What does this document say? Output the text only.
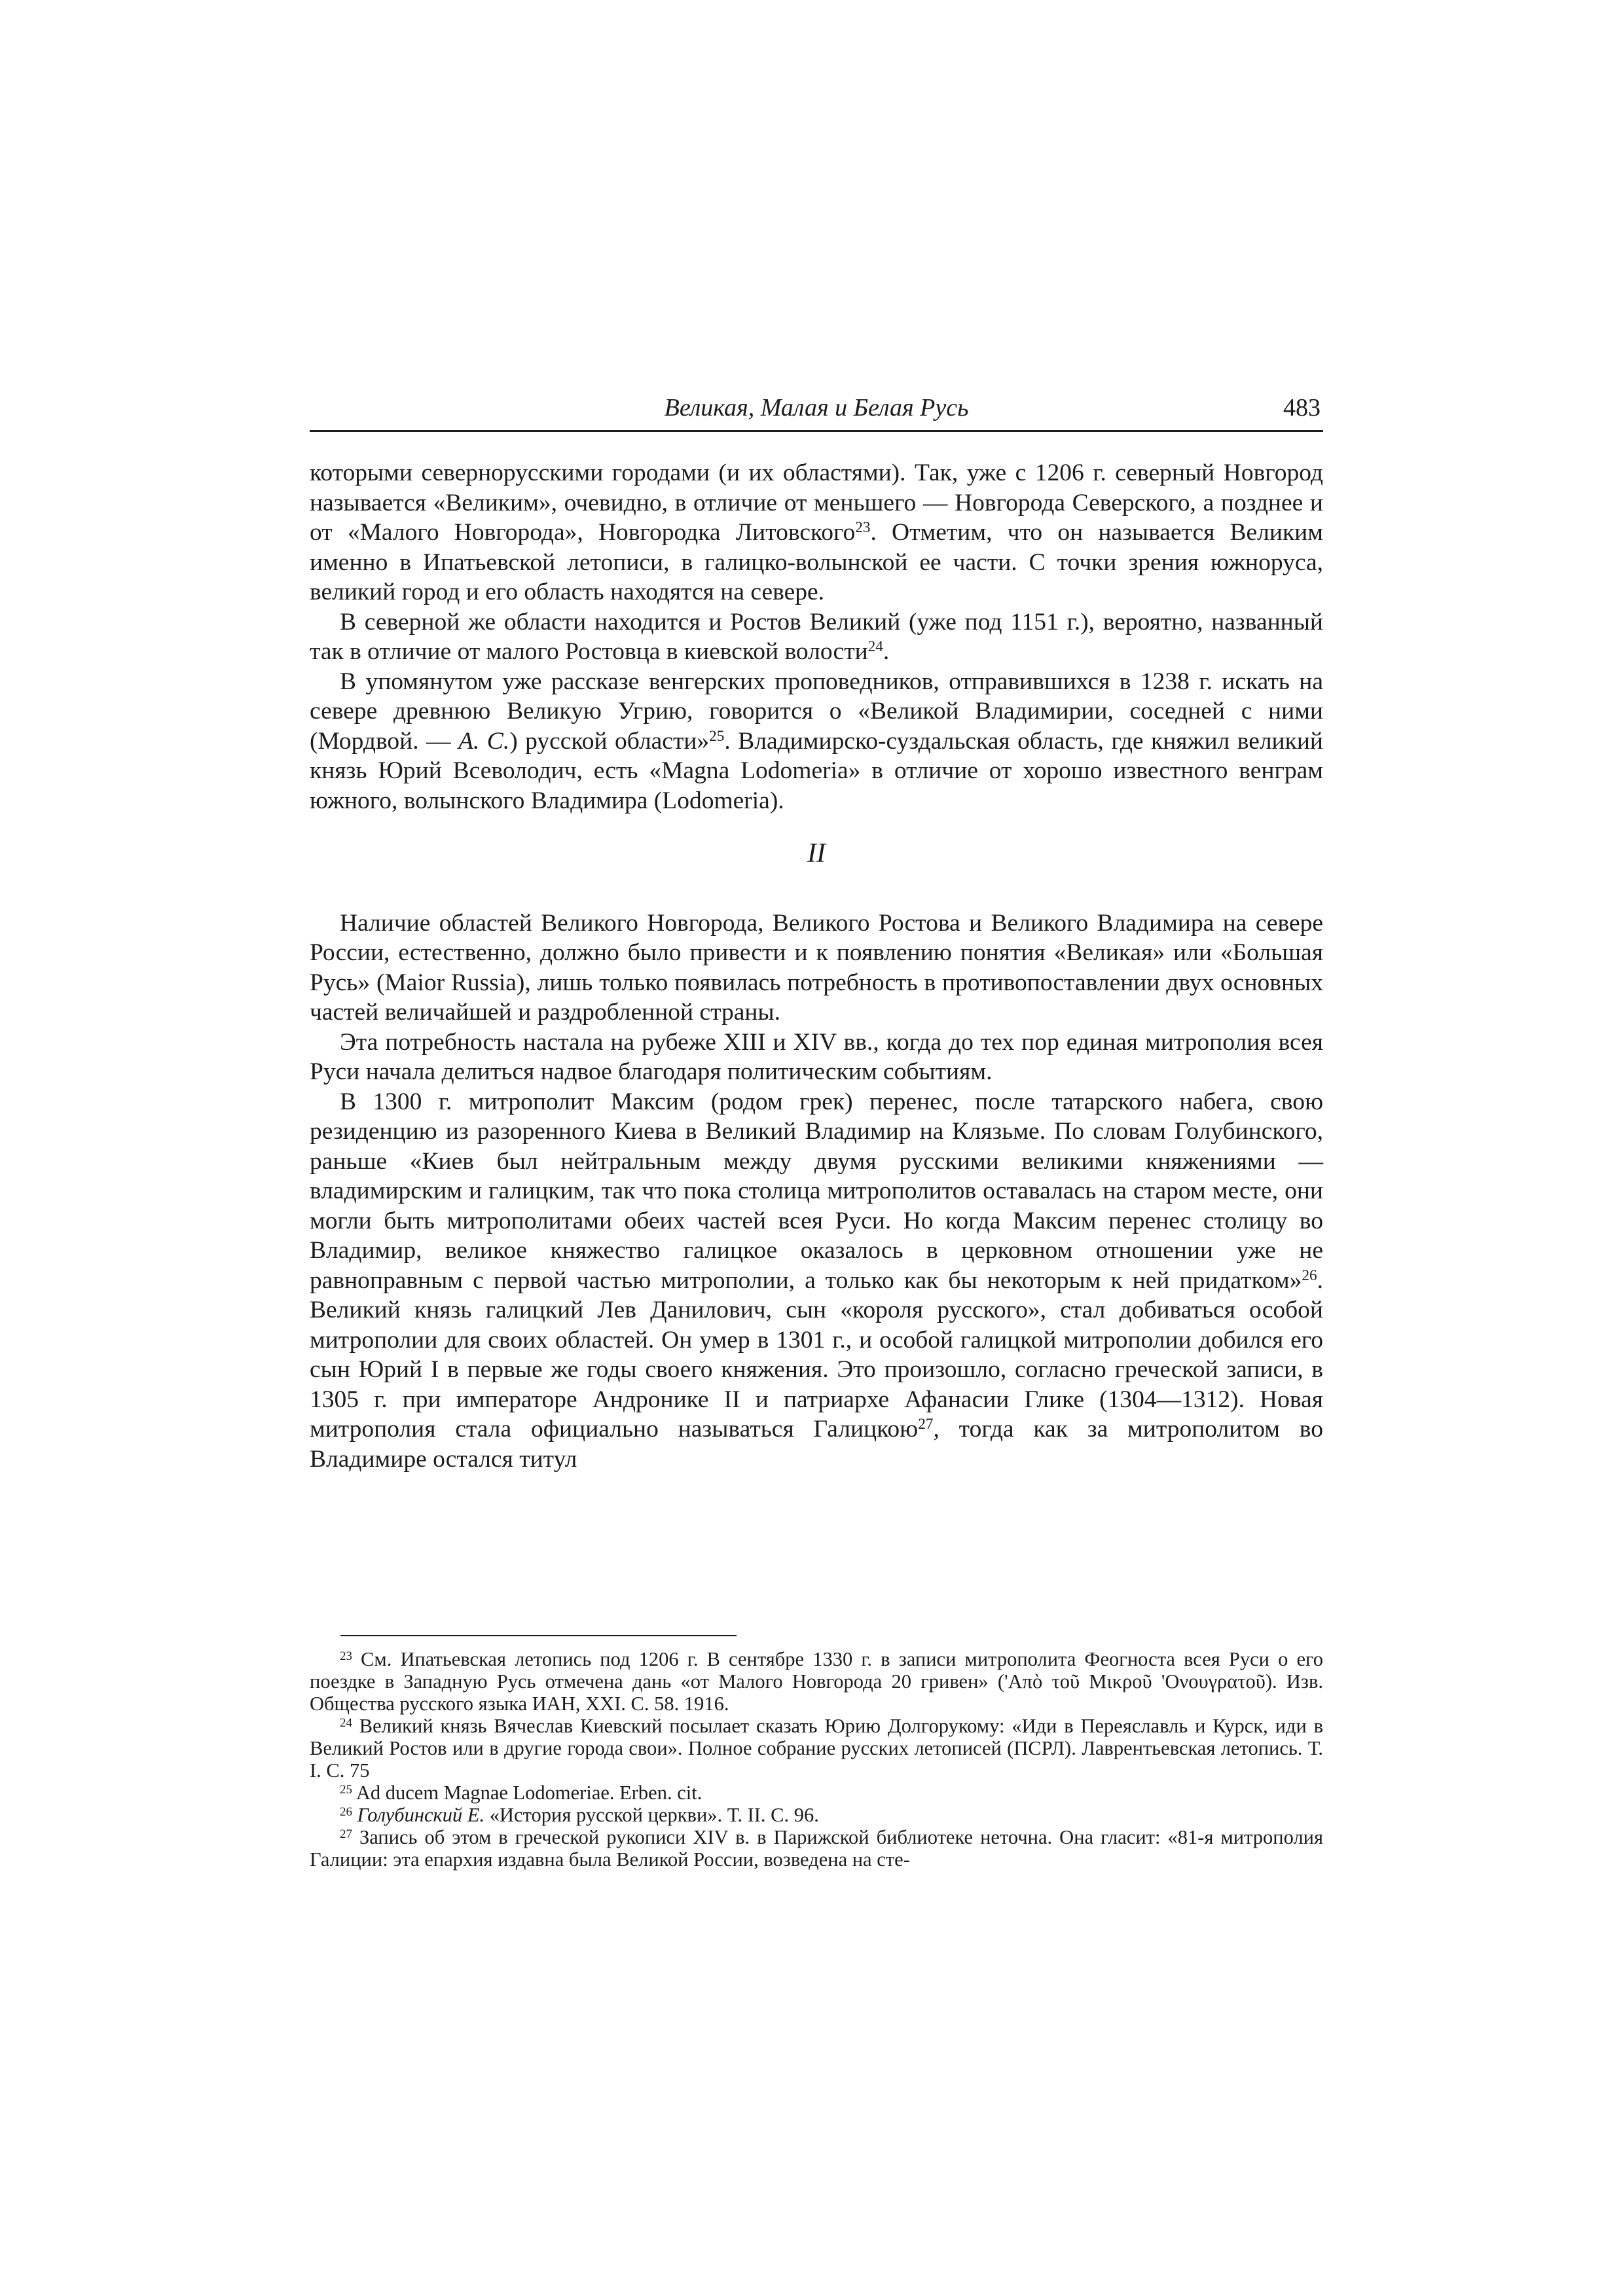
Великая, Малая и Белая Русь	483

которыми севернорусскими городами (и их областями). Так, уже с 1206 г. северный Новгород называется «Великим», очевидно, в отличие от меньшего — Новгорода Северского, а позднее и от «Малого Новгорода», Новгородка Литовского$^{23}$. Отметим, что он называется Великим именно в Ипатьевской летописи, в галицко-волынской ее части. С точки зрения южноруса, великий город и его область находятся на севере.

В северной же области находится и Ростов Великий (уже под 1151 г.), вероятно, названный так в отличие от малого Ростовца в киевской волости$^{24}$.

В упомянутом уже рассказе венгерских проповедников, отправившихся в 1238 г. искать на севере древнюю Великую Угрию, говорится о «Великой Владимирии, соседней с ними (Мордвой. — А. С.) русской области»$^{25}$. Владимирско-суздальская область, где княжил великий князь Юрий Всеволодич, есть «Magna Lodomeria» в отличие от хорошо известного венграм южного, волынского Владимира (Lodomeria).

II

Наличие областей Великого Новгорода, Великого Ростова и Великого Владимира на севере России, естественно, должно было привести и к появлению понятия «Великая» или «Большая Русь» (Maior Russia), лишь только появилась потребность в противопоставлении двух основных частей величайшей и раздробленной страны.

Эта потребность настала на рубеже XIII и XIV вв., когда до тех пор единая митрополия всея Руси начала делиться надвое благодаря политическим событиям.

В 1300 г. митрополит Максим (родом грек) перенес, после татарского набега, свою резиденцию из разоренного Киева в Великий Владимир на Клязьме. По словам Голубинского, раньше «Киев был нейтральным между двумя русскими великими княжениями — владимирским и галицким, так что пока столица митрополитов оставалась на старом месте, они могли быть митрополитами обеих частей всея Руси. Но когда Максим перенес столицу во Владимир, великое княжество галицкое оказалось в церковном отношении уже не равноправным с первой частью митрополии, а только как бы некоторым к ней придатком»$^{26}$. Великий князь галицкий Лев Данилович, сын «короля русского», стал добиваться особой митрополии для своих областей. Он умер в 1301 г., и особой галицкой митрополии добился его сын Юрий I в первые же годы своего княжения. Это произошло, согласно греческой записи, в 1305 г. при императоре Андронике II и патриархе Афанасии Глике (1304—1312). Новая митрополия стала официально называться Галицкою$^{27}$, тогда как за митрополитом во Владимире остался титул

$^{23}$ См. Ипатьевская летопись под 1206 г. В сентябре 1330 г. в записи митрополита Феогноста всея Руси о его поездке в Западную Русь отмечена дань «от Малого Новгорода 20 гривен» ('Απὸ τοῦ Μικροῦ 'Ονουγρατοῦ). Изв. Общества русского языка ИАН, XXI. С. 58. 1916.

$^{24}$ Великий князь Вячеслав Киевский посылает сказать Юрию Долгорукому: «Иди в Переяславль и Курск, иди в Великий Ростов или в другие города свои». Полное собрание русских летописей (ПСРЛ). Лаврентьевская летопись. Т. I. С. 75

$^{25}$ Ad ducem Magnae Lodomeriae. Erben. cit.

$^{26}$ Голубинский Е. «История русской церкви». Т. II. С. 96.

$^{27}$ Запись об этом в греческой рукописи XIV в. в Парижской библиотеке неточна. Она гласит: «81-я митрополия Галиции: эта епархия издавна была Великой России, возведена на сте-
